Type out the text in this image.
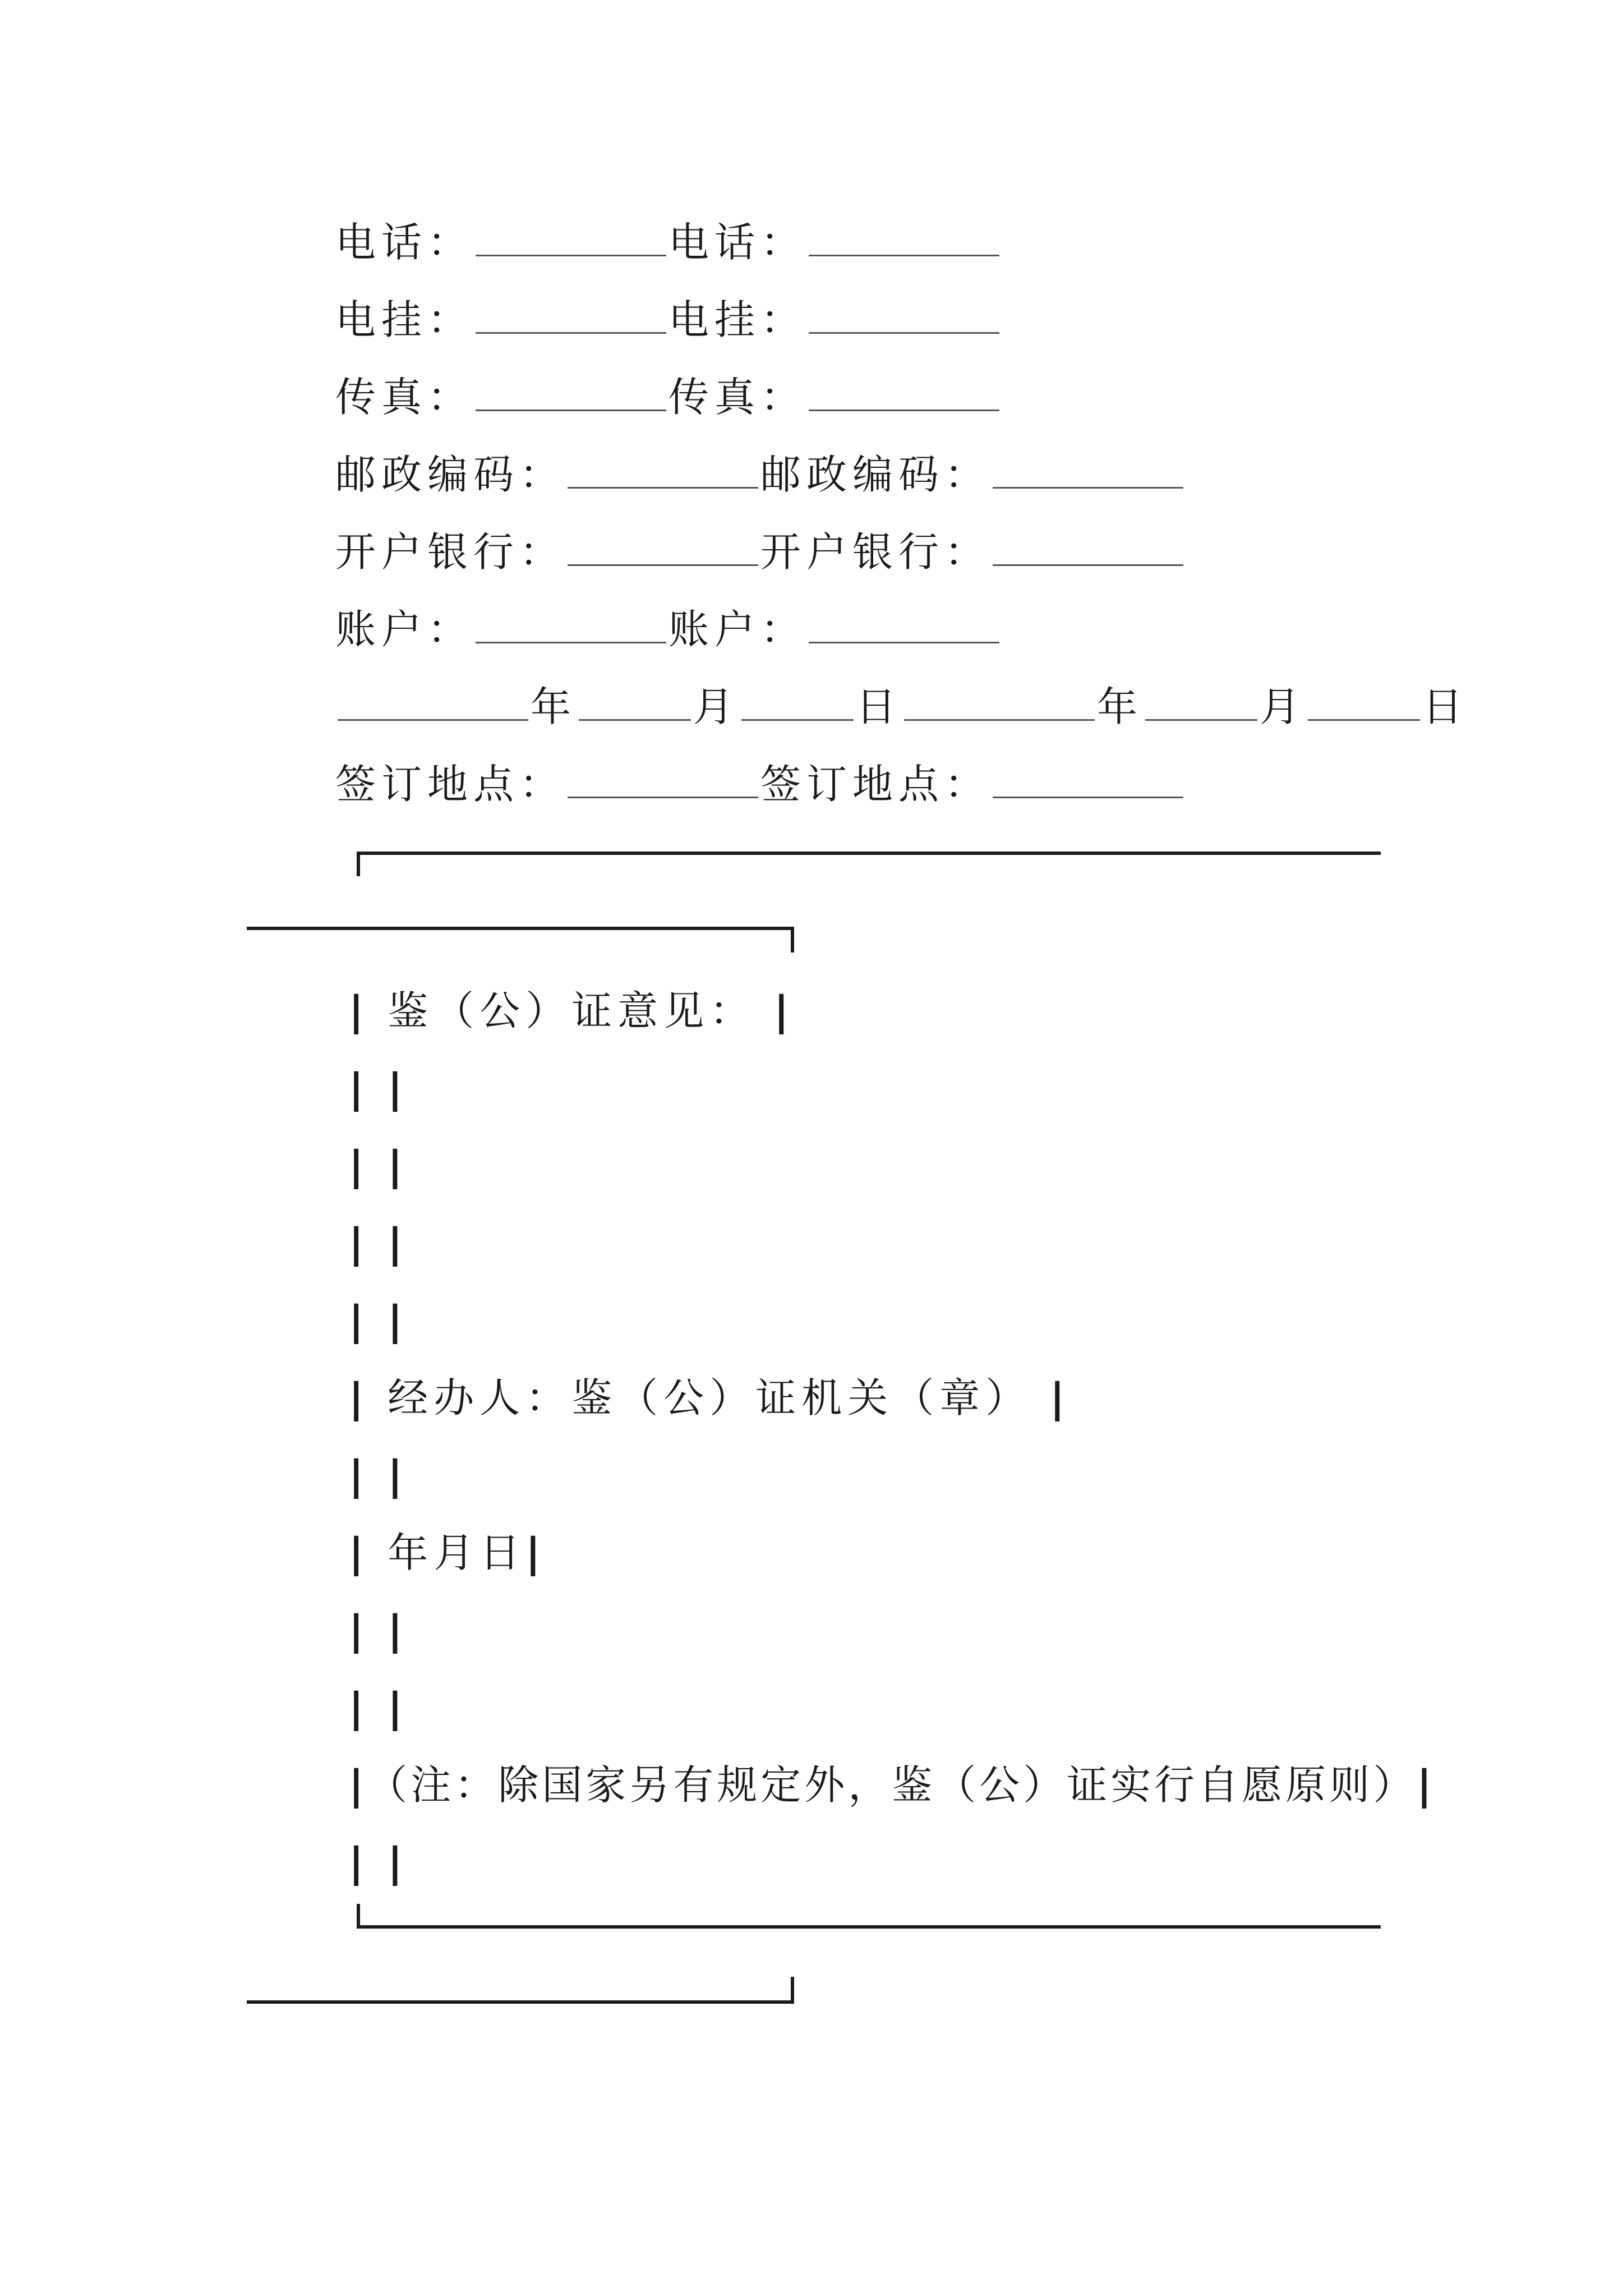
电话：	电话：
电挂：	电挂：
传真：	传真：
邮政编码：	邮政编码：
开户银行：	开户银行：
账户：	账户：
年	月	日	年	月	日
签订地点：	签订地点：
| 鉴（公）证意见： |
| |
| |
| |
| |
| 经办人：鉴（公）证机关（章） |
| |
| 年月日|
| |
| |
|（注：除国家另有规定外，鉴（公）证实行自愿原则）|
| |
